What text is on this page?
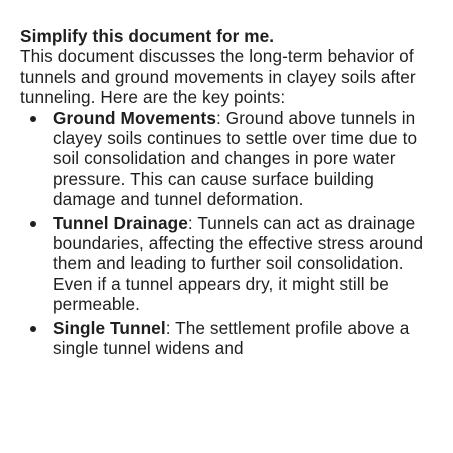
Simplify this document for me.

This document discusses the long-term behavior of tunnels and ground movements in clayey soils after tunneling. Here are the key points:

Ground Movements: Ground above tunnels in clayey soils continues to settle over time due to soil consolidation and changes in pore water pressure. This can cause surface building damage and tunnel deformation.
Tunnel Drainage: Tunnels can act as drainage boundaries, affecting the effective stress around them and leading to further soil consolidation. Even if a tunnel appears dry, it might still be permeable.
Single Tunnel: The settlement profile above a single tunnel widens and
